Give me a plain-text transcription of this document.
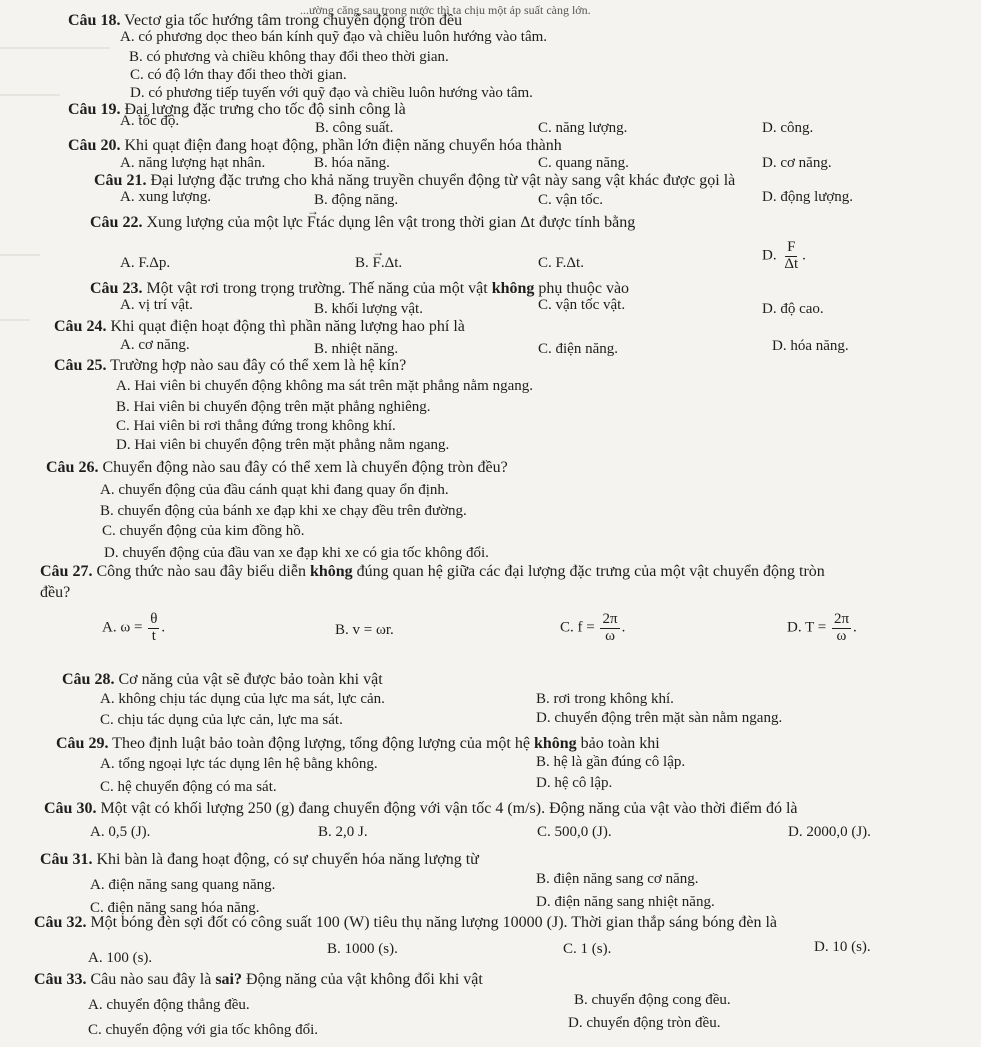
...ường căng sau trong nước thì ta chịu một áp suất càng lớn.
Câu 18. Vectơ gia tốc hướng tâm trong chuyển động tròn đều
A. có phương dọc theo bán kính quỹ đạo và chiều luôn hướng vào tâm.
B. có phương và chiều không thay đổi theo thời gian.
C. có độ lớn thay đổi theo thời gian.
D. có phương tiếp tuyến với quỹ đạo và chiều luôn hướng vào tâm.
Câu 19. Đại lượng đặc trưng cho tốc độ sinh công là
A. tốc độ.	B. công suất.	C. năng lượng.	D. công.
Câu 20. Khi quạt điện đang hoạt động, phần lớn điện năng chuyển hóa thành
A. năng lượng hạt nhân.	B. hóa năng.	C. quang năng.	D. cơ năng.
Câu 21. Đại lượng đặc trưng cho khả năng truyền chuyển động từ vật này sang vật khác được gọi là
A. xung lượng.	B. động năng.	C. vận tốc.	D. động lượng.
Câu 22. Xung lượng của một lực → Ftác dụng lên vật trong thời gian Δt được tính bằng
A. F.Δp.	B. → F.Δt.	C. F.Δt.	D. $\frac{F}{\Delta t}$ .
Câu 23. Một vật rơi trong trọng trường. Thế năng của một vật không phụ thuộc vào
A. vị trí vật.	B. khối lượng vật.	C. vận tốc vật.	D. độ cao.
Câu 24. Khi quạt điện hoạt động thì phần năng lượng hao phí là
A. cơ năng.	B. nhiệt năng.	C. điện năng.	D. hóa năng.
Câu 25. Trường hợp nào sau đây có thể xem là hệ kín?
A. Hai viên bi chuyển động không ma sát trên mặt phẳng nằm ngang.
B. Hai viên bi chuyển động trên mặt phẳng nghiêng.
C. Hai viên bi rơi thẳng đứng trong không khí.
D. Hai viên bi chuyển động trên mặt phẳng nằm ngang.
Câu 26. Chuyển động nào sau đây có thể xem là chuyển động tròn đều?
A. chuyển động của đầu cánh quạt khi đang quay ổn định.
B. chuyển động của bánh xe đạp khi xe chạy đều trên đường.
C. chuyển động của kim đồng hồ.
D. chuyển động của đầu van xe đạp khi xe có gia tốc không đổi.
Câu 27. Công thức nào sau đây biểu diễn không đúng quan hệ giữa các đại lượng đặc trưng của một vật chuyển động tròn
đều?
A. $\omega = \frac{\theta}{t}$ .	B. v = ωr.	C. $f = \frac{2\pi}{\omega}$ .	D. $T = \frac{2\pi}{\omega}$ .
Câu 28. Cơ năng của vật sẽ được bảo toàn khi vật
A. không chịu tác dụng của lực ma sát, lực cản.	B. rơi trong không khí.
C. chịu tác dụng của lực cản, lực ma sát.	D. chuyển động trên mặt sàn nằm ngang.
Câu 29. Theo định luật bảo toàn động lượng, tổng động lượng của một hệ không bảo toàn khi
A. tổng ngoại lực tác dụng lên hệ bằng không.	B. hệ là gần đúng cô lập.
C. hệ chuyển động có ma sát.	D. hệ cô lập.
Câu 30. Một vật có khối lượng 250 (g) đang chuyển động với vận tốc 4 (m/s). Động năng của vật vào thời điểm đó là
A. 0,5 (J).	B. 2,0 J.	C. 500,0 (J).	D. 2000,0 (J).
Câu 31. Khi bàn là đang hoạt động, có sự chuyển hóa năng lượng từ
A. điện năng sang quang năng.	B. điện năng sang cơ năng.
C. điện năng sang hóa năng.	D. điện năng sang nhiệt năng.
Câu 32. Một bóng đèn sợi đốt có công suất 100 (W) tiêu thụ năng lượng 10000 (J). Thời gian thắp sáng bóng đèn là
A. 100 (s).
B. 1000 (s).	C. 1 (s).	D. 10 (s).
Câu 33. Câu nào sau đây là sai? Động năng của vật không đổi khi vật
A. chuyển động thẳng đều.	B. chuyển động cong đều.
C. chuyển động với gia tốc không đổi.	D. chuyển động tròn đều.
